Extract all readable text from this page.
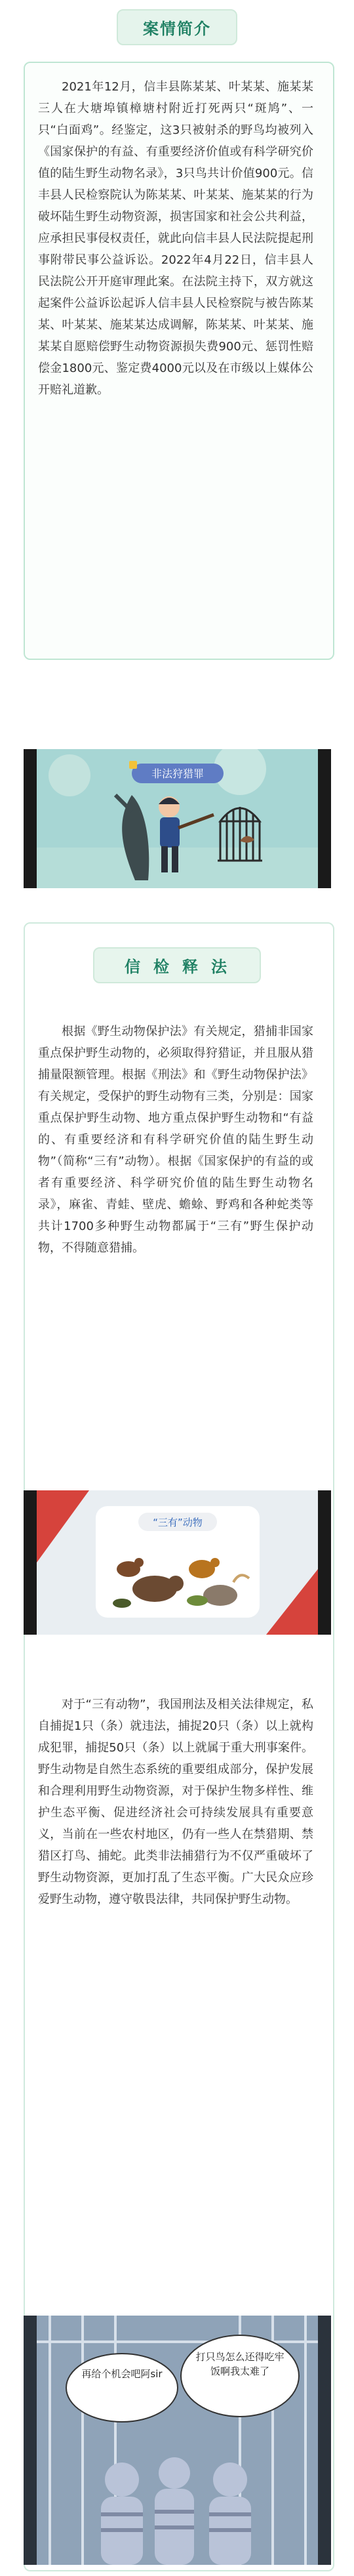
案情简介

2021年12月，信丰县陈某某、叶某某、施某某三人在大塘埠镇樟塘村附近打死两只“斑鸠”、一只“白面鸡”。经鉴定，这3只被射杀的野鸟均被列入《国家保护的有益、有重要经济价值或有科学研究价值的陆生野生动物名录》，3只鸟共计价值900元。信丰县人民检察院认为陈某某、叶某某、施某某的行为破坏陆生野生动物资源，损害国家和社会公共利益，应承担民事侵权责任，就此向信丰县人民法院提起刑事附带民事公益诉讼。2022年4月22日，信丰县人民法院公开开庭审理此案。在法院主持下，双方就这起案件公益诉讼起诉人信丰县人民检察院与被告陈某某、叶某某、施某某达成调解，陈某某、叶某某、施某某自愿赔偿野生动物资源损失费900元、惩罚性赔偿金1800元、鉴定费4000元以及在市级以上媒体公开赔礼道歉。

非法狩猎罪
信检释法

根据《野生动物保护法》有关规定，猎捕非国家重点保护野生动物的，必须取得狩猎证，并且服从猎捕量限额管理。根据《刑法》和《野生动物保护法》有关规定，受保护的野生动物有三类，分别是：国家重点保护野生动物、地方重点保护野生动物和“有益的、有重要经济和有科学研究价值的陆生野生动物”（简称“三有”动物）。根据《国家保护的有益的或者有重要经济、科学研究价值的陆生野生动物名录》，麻雀、青蛙、壁虎、蟾蜍、野鸡和各种蛇类等共计1700多种野生动物都属于“三有”野生保护动物，不得随意猎捕。

“三有”动物

对于“三有动物”，我国刑法及相关法律规定，私自捕捉1只（条）就违法，捕捉20只（条）以上就构成犯罪，捕捉50只（条）以上就属于重大刑事案件。野生动物是自然生态系统的重要组成部分，保护发展和合理利用野生动物资源，对于保护生物多样性、维护生态平衡、促进经济社会可持续发展具有重要意义，当前在一些农村地区，仍有一些人在禁猎期、禁猎区打鸟、捕蛇。此类非法捕猎行为不仅严重破坏了野生动物资源，更加打乱了生态平衡。广大民众应珍爱野生动物，遵守敬畏法律，共同保护野生动物。

再给个机会吧阿sir
打只鸟怎么还得吃牢饭啊我太难了
